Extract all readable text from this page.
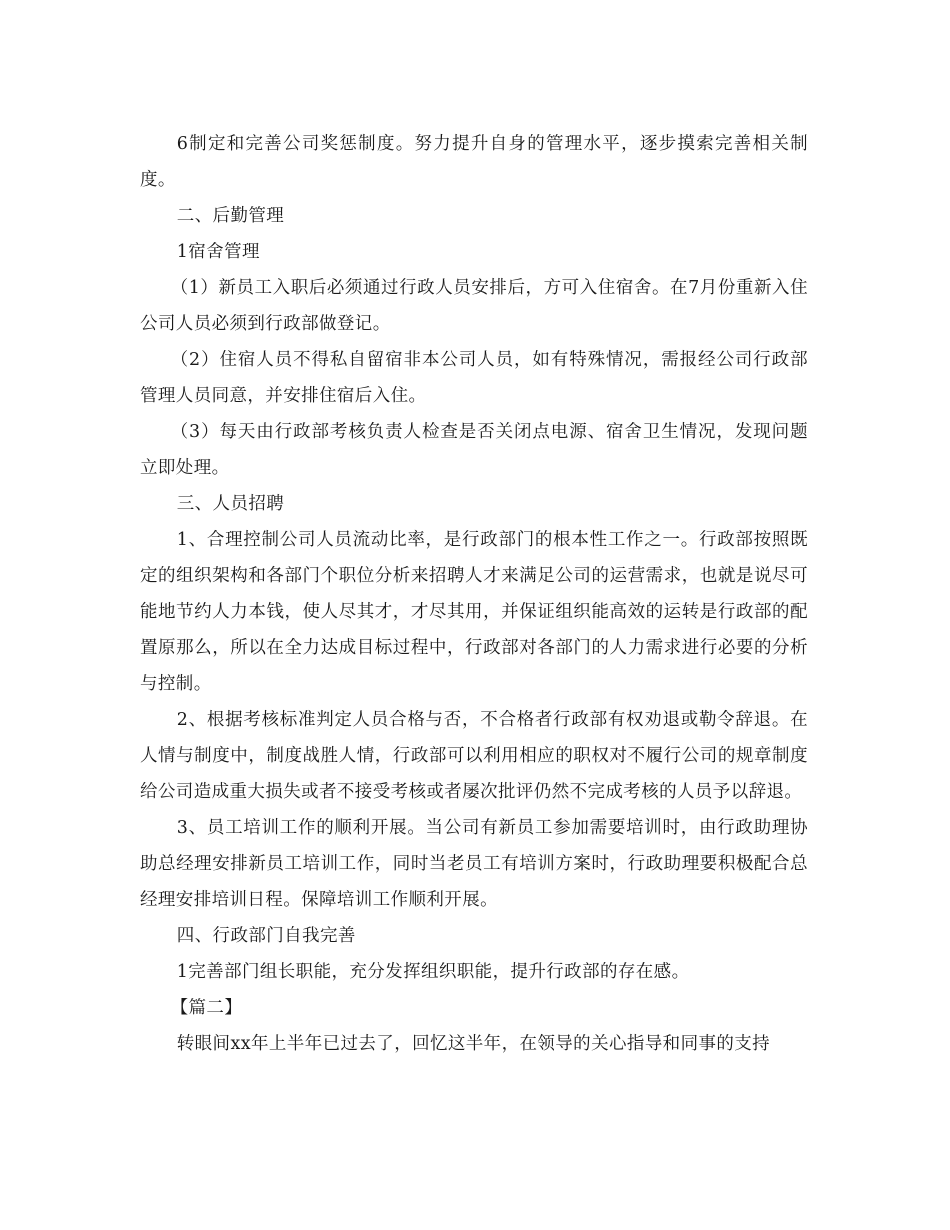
6制定和完善公司奖惩制度。努力提升自身的管理水平，逐步摸索完善相关制度。

二、后勤管理

1宿舍管理

（1）新员工入职后必须通过行政人员安排后，方可入住宿舍。在7月份重新入住公司人员必须到行政部做登记。

（2）住宿人员不得私自留宿非本公司人员，如有特殊情况，需报经公司行政部管理人员同意，并安排住宿后入住。

（3）每天由行政部考核负责人检查是否关闭点电源、宿舍卫生情况，发现问题立即处理。

三、人员招聘

1、合理控制公司人员流动比率，是行政部门的根本性工作之一。行政部按照既定的组织架构和各部门个职位分析来招聘人才来满足公司的运营需求，也就是说尽可能地节约人力本钱，使人尽其才，才尽其用，并保证组织能高效的运转是行政部的配置原那么，所以在全力达成目标过程中，行政部对各部门的人力需求进行必要的分析与控制。

2、根据考核标准判定人员合格与否，不合格者行政部有权劝退或勒令辞退。在人情与制度中，制度战胜人情，行政部可以利用相应的职权对不履行公司的规章制度给公司造成重大损失或者不接受考核或者屡次批评仍然不完成考核的人员予以辞退。

3、员工培训工作的顺利开展。当公司有新员工参加需要培训时，由行政助理协助总经理安排新员工培训工作，同时当老员工有培训方案时，行政助理要积极配合总经理安排培训日程。保障培训工作顺利开展。

四、行政部门自我完善

1完善部门组长职能，充分发挥组织职能，提升行政部的存在感。

【篇二】

转眼间xx年上半年已过去了，回忆这半年，在领导的关心指导和同事的支持
